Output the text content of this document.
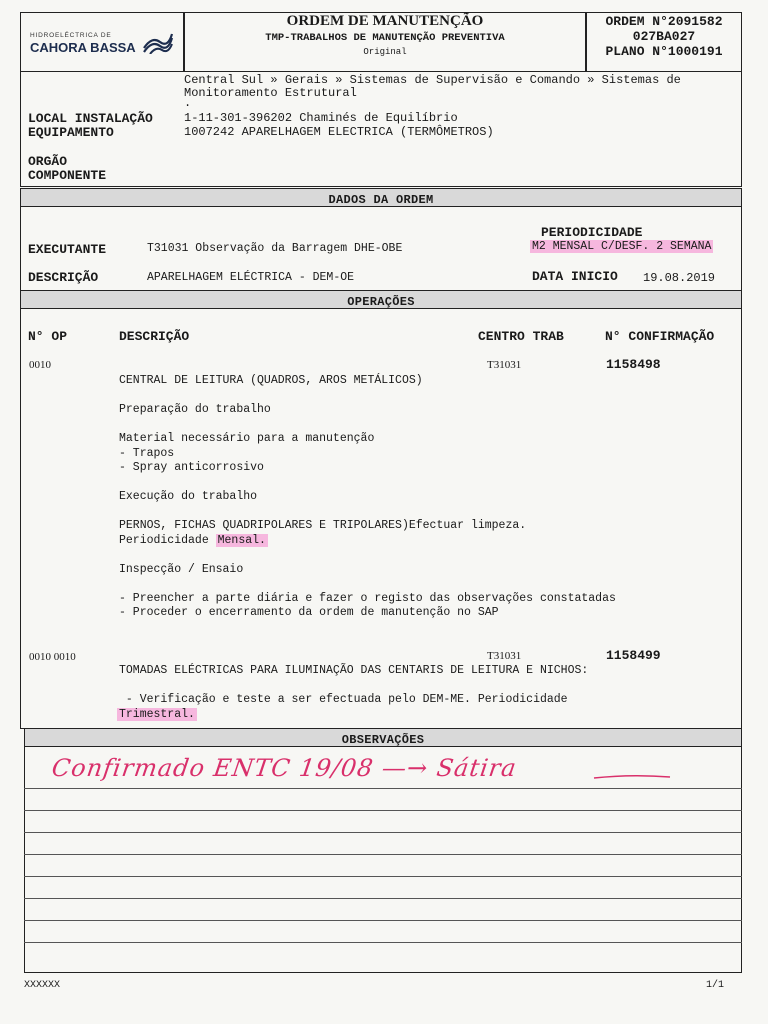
HIDROELÉCTRICA DE
CAHORA BASSA
ORDEM DE MANUTENÇÃO
TMP-TRABALHOS DE MANUTENÇÃO PREVENTIVA
Original
ORDEM N°2091582
027BA027
PLANO N°1000191
Central Sul » Gerais » Sistemas de Supervisão e Comando » Sistemas de
Monitoramento Estrutural
.
LOCAL INSTALAÇÃO	1-11-301-396202 Chaminés de Equilíbrio
EQUIPAMENTO	1007242 APARELHAGEM ELECTRICA (TERMÔMETROS)
ORGÃO
COMPONENTE
DADOS DA ORDEM
PERIODICIDADE
M2 MENSAL C/DESF. 2 SEMANA
EXECUTANTE	T31031 Observação da Barragem DHE-OBE
DESCRIÇÃO	APARELHAGEM ELÉCTRICA - DEM-OE	DATA INICIO 19.08.2019
OPERAÇÕES
N° OP	DESCRIÇÃO	CENTRO TRAB	N° CONFIRMAÇÃO
0010	T31031	1158498
CENTRAL DE LEITURA (QUADROS, AROS METÁLICOS)
Preparação do trabalho
Material necessário para a manutenção
- Trapos
- Spray anticorrosivo
Execução do trabalho
PERNOS, FICHAS QUADRIPOLARES E TRIPOLARES)Efectuar limpeza.
Periodicidade Mensal.
Inspecção / Ensaio
- Preencher a parte diária e fazer o registo das observações constatadas
- Proceder o encerramento da ordem de manutenção no SAP
0010 0010	T31031	1158499
TOMADAS ELÉCTRICAS PARA ILUMINAÇÃO DAS CENTARIS DE LEITURA E NICHOS:
- Verificação e teste a ser efectuada pelo DEM-ME. Periodicidade
Trimestral.
OBSERVAÇÕES
Confirmado ENTC 19/08 —→ Sátira
XXXXXX	1/1
